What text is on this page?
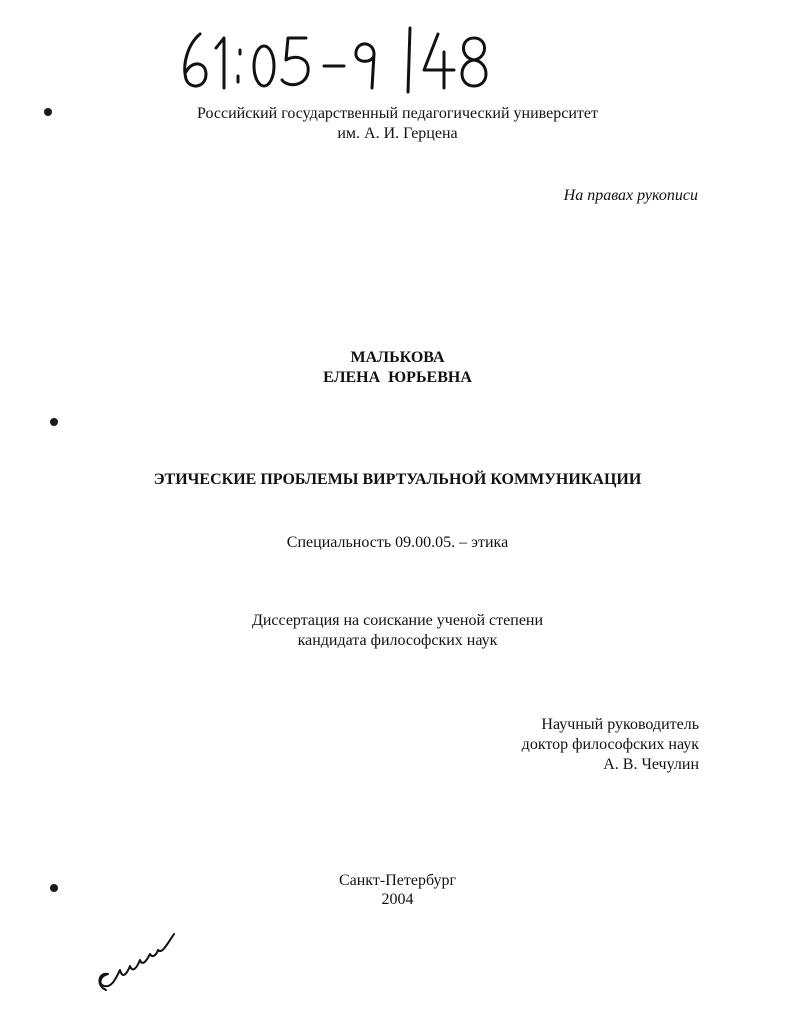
Российский государственный педагогический университет
им. А. И. Герцена
На правах рукописи
МАЛЬКОВА
ЕЛЕНА  ЮРЬЕВНА
ЭТИЧЕСКИЕ ПРОБЛЕМЫ ВИРТУАЛЬНОЙ КОММУНИКАЦИИ
Специальность 09.00.05. – этика
Диссертация на соискание ученой степени
кандидата философских наук
Научный руководитель
доктор философских наук
А. В. Чечулин
Санкт-Петербург
2004
